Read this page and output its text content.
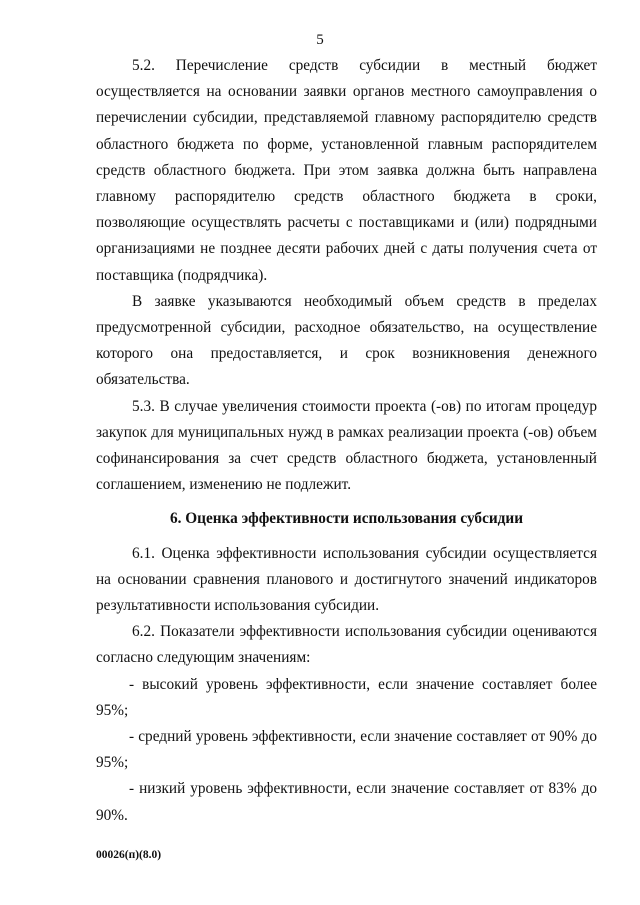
5

5.2. Перечисление средств субсидии в местный бюджет осуществляется на основании заявки органов местного самоуправления о перечислении субсидии, представляемой главному распорядителю средств областного бюджета по форме, установленной главным распорядителем средств областного бюджета. При этом заявка должна быть направлена главному распорядителю средств областного бюджета в сроки, позволяющие осуществлять расчеты с поставщиками и (или) подрядными организациями не позднее десяти рабочих дней с даты получения счета от поставщика (подрядчика).

В заявке указываются необходимый объем средств в пределах предусмотренной субсидии, расходное обязательство, на осуществление которого она предоставляется, и срок возникновения денежного обязательства.

5.3. В случае увеличения стоимости проекта (-ов) по итогам процедур закупок для муниципальных нужд в рамках реализации проекта (-ов) объем софинансирования за счет средств областного бюджета, установленный соглашением, изменению не подлежит.

6. Оценка эффективности использования субсидии

6.1. Оценка эффективности использования субсидии осуществляется на основании сравнения планового и достигнутого значений индикаторов результативности использования субсидии.

6.2. Показатели эффективности использования субсидии оцениваются согласно следующим значениям:

- высокий уровень эффективности, если значение составляет более 95%;

- средний уровень эффективности, если значение составляет от 90% до 95%;

- низкий уровень эффективности, если значение составляет от 83% до 90%.

00026(п)(8.0)
